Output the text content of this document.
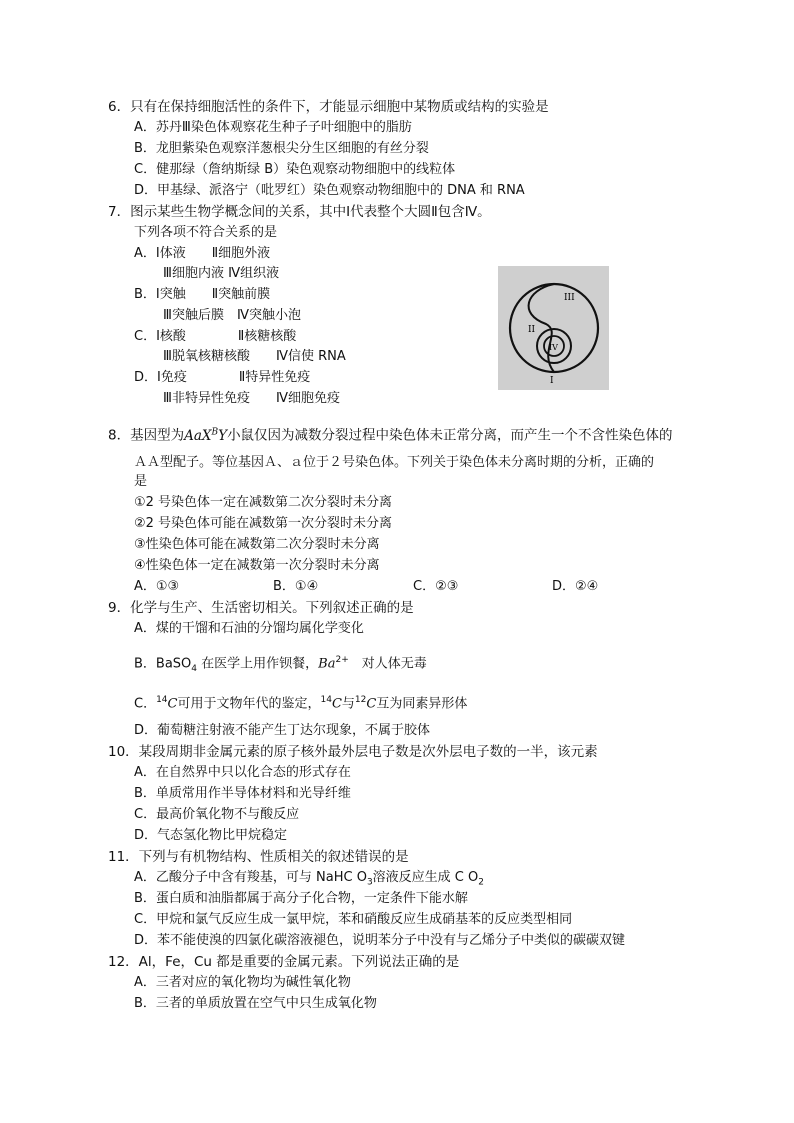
6．只有在保持细胞活性的条件下，才能显示细胞中某物质或结构的实验是
A．苏丹Ⅲ染色体观察花生种子子叶细胞中的脂肪
B．龙胆紫染色观察洋葱根尖分生区细胞的有丝分裂
C．健那绿（詹纳斯绿 B）染色观察动物细胞中的线粒体
D．甲基绿、派洛宁（吡罗红）染色观察动物细胞中的 DNA 和 RNA
7．图示某些生物学概念间的关系，其中Ⅰ代表整个大圆Ⅱ包含Ⅳ。
下列各项不符合关系的是
A．Ⅰ体液　　Ⅱ细胞外液
Ⅲ细胞内液 Ⅳ组织液
B．Ⅰ突触　　Ⅱ突触前膜
Ⅲ突触后膜　Ⅳ突触小泡
C．Ⅰ核酸　　　　Ⅱ核糖核酸
Ⅲ脱氧核糖核酸　　Ⅳ信使 RNA
D．Ⅰ免疫　　　　Ⅱ特异性免疫
Ⅲ非特异性免疫　　Ⅳ细胞免疫
III
II
IV
I
8．基因型为AaX$^B$Y小鼠仅因为减数分裂过程中染色体未正常分离，而产生一个不含性染色体的
ＡＡ型配子。等位基因Ａ、ａ位于２号染色体。下列关于染色体未分离时期的分析，正确的
是
①2 号染色体一定在减数第二次分裂时未分离
②2 号染色体可能在减数第一次分裂时未分离
③性染色体可能在减数第二次分裂时未分离
④性染色体一定在减数第一次分裂时未分离
A．①③	B．①④	C．②③	D．②④
9．化学与生产、生活密切相关。下列叙述正确的是
A．煤的干馏和石油的分馏均属化学变化
B．BaSO$_4$ 在医学上用作钡餐，$Ba^{2+}$　对人体无毒
C．$^{14}$C可用于文物年代的鉴定，$^{14}$C与$^{12}$C互为同素异形体
D．葡萄糖注射液不能产生丁达尔现象，不属于胶体
10．某段周期非金属元素的原子核外最外层电子数是次外层电子数的一半，该元素
A．在自然界中只以化合态的形式存在
B．单质常用作半导体材料和光导纤维
C．最高价氧化物不与酸反应
D．气态氢化物比甲烷稳定
11．下列与有机物结构、性质相关的叙述错误的是
A．乙酸分子中含有羧基，可与 NaHC $O_3$溶液反应生成 C $O_2$
B．蛋白质和油脂都属于高分子化合物，一定条件下能水解
C．甲烷和氯气反应生成一氯甲烷，苯和硝酸反应生成硝基苯的反应类型相同
D．苯不能使溴的四氯化碳溶液褪色，说明苯分子中没有与乙烯分子中类似的碳碳双键
12．Al，Fe，Cu 都是重要的金属元素。下列说法正确的是
A．三者对应的氧化物均为碱性氧化物
B．三者的单质放置在空气中只生成氧化物
